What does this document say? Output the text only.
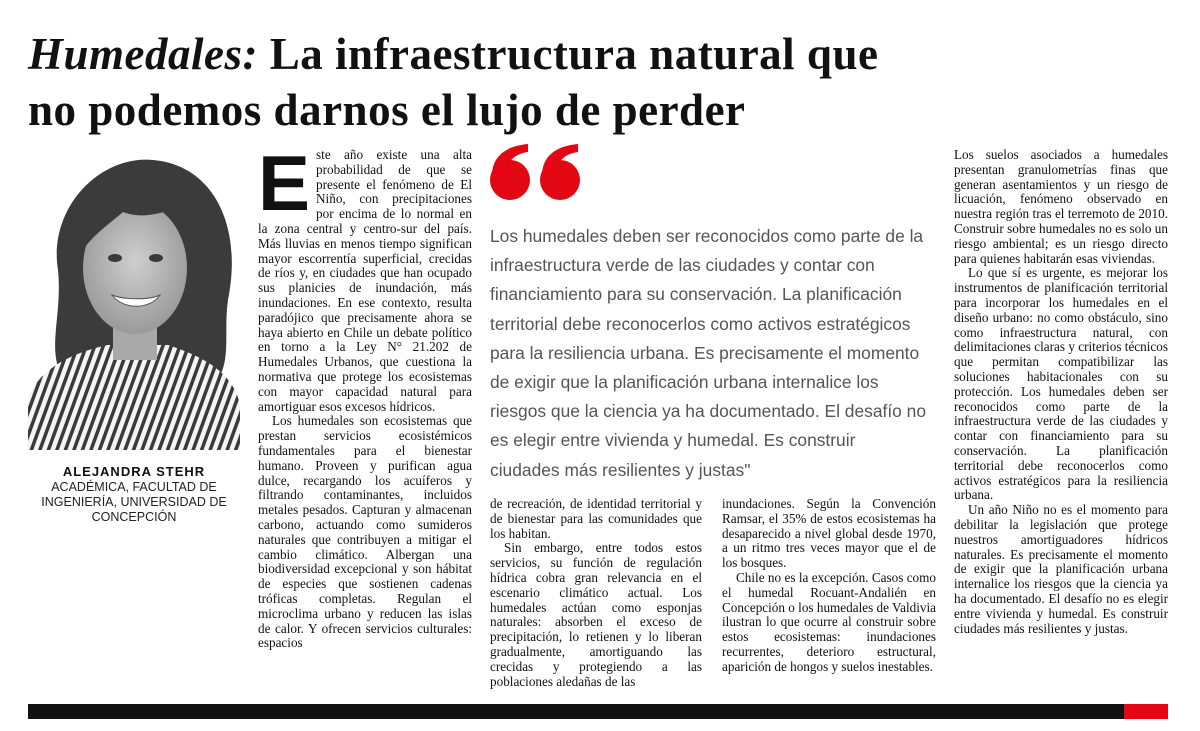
Humedales: La infraestructura natural que
no podemos darnos el lujo de perder
ALEJANDRA STEHR
ACADÉMICA, FACULTAD DE
INGENIERÍA, UNIVERSIDAD DE
CONCEPCIÓN

Este año existe una alta probabilidad de que se presente el fenómeno de El Niño, con precipitaciones por encima de lo normal en la zona central y centro-sur del país. Más lluvias en menos tiempo significan mayor escorrentía superficial, crecidas de ríos y, en ciudades que han ocupado sus planicies de inundación, más inundaciones. En ese contexto, resulta paradójico que precisamente ahora se haya abierto en Chile un debate político en torno a la Ley N° 21.202 de Humedales Urbanos, que cuestiona la normativa que protege los ecosistemas con mayor capacidad natural para amortiguar esos excesos hídricos.

Los humedales son ecosistemas que prestan servicios ecosistémicos fundamentales para el bienestar humano. Proveen y purifican agua dulce, recargando los acuíferos y filtrando contaminantes, incluidos metales pesados. Capturan y almacenan carbono, actuando como sumideros naturales que contribuyen a mitigar el cambio climático. Albergan una biodiversidad excepcional y son hábitat de especies que sostienen cadenas tróficas completas. Regulan el microclima urbano y reducen las islas de calor. Y ofrecen servicios culturales: espacios

Los humedales deben ser reconocidos como parte de la infraestructura verde de las ciudades y contar con financiamiento para su conservación. La planificación territorial debe reconocerlos como activos estratégicos para la resiliencia urbana. Es precisamente el momento de exigir que la planificación urbana internalice los riesgos que la ciencia ya ha documentado. El desafío no es elegir entre vivienda y humedal. Es construir ciudades más resilientes y justas"

de recreación, de identidad territorial y de bienestar para las comunidades que los habitan.

Sin embargo, entre todos estos servicios, su función de regulación hídrica cobra gran relevancia en el escenario climático actual. Los humedales actúan como esponjas naturales: absorben el exceso de precipitación, lo retienen y lo liberan gradualmente, amortiguando las crecidas y protegiendo a las poblaciones aledañas de las

inundaciones. Según la Convención Ramsar, el 35% de estos ecosistemas ha desaparecido a nivel global desde 1970, a un ritmo tres veces mayor que el de los bosques.

Chile no es la excepción. Casos como el humedal Rocuant-Andalién en Concepción o los humedales de Valdivia ilustran lo que ocurre al construir sobre estos ecosistemas: inundaciones recurrentes, deterioro estructural, aparición de hongos y suelos inestables.

Los suelos asociados a humedales presentan granulometrías finas que generan asentamientos y un riesgo de licuación, fenómeno observado en nuestra región tras el terremoto de 2010. Construir sobre humedales no es solo un riesgo ambiental; es un riesgo directo para quienes habitarán esas viviendas.

Lo que sí es urgente, es mejorar los instrumentos de planificación territorial para incorporar los humedales en el diseño urbano: no como obstáculo, sino como infraestructura natural, con delimitaciones claras y criterios técnicos que permitan compatibilizar las soluciones habitacionales con su protección. Los humedales deben ser reconocidos como parte de la infraestructura verde de las ciudades y contar con financiamiento para su conservación. La planificación territorial debe reconocerlos como activos estratégicos para la resiliencia urbana.

Un año Niño no es el momento para debilitar la legislación que protege nuestros amortiguadores hídricos naturales. Es precisamente el momento de exigir que la planificación urbana internalice los riesgos que la ciencia ya ha documentado. El desafío no es elegir entre vivienda y humedal. Es construir ciudades más resilientes y justas.
